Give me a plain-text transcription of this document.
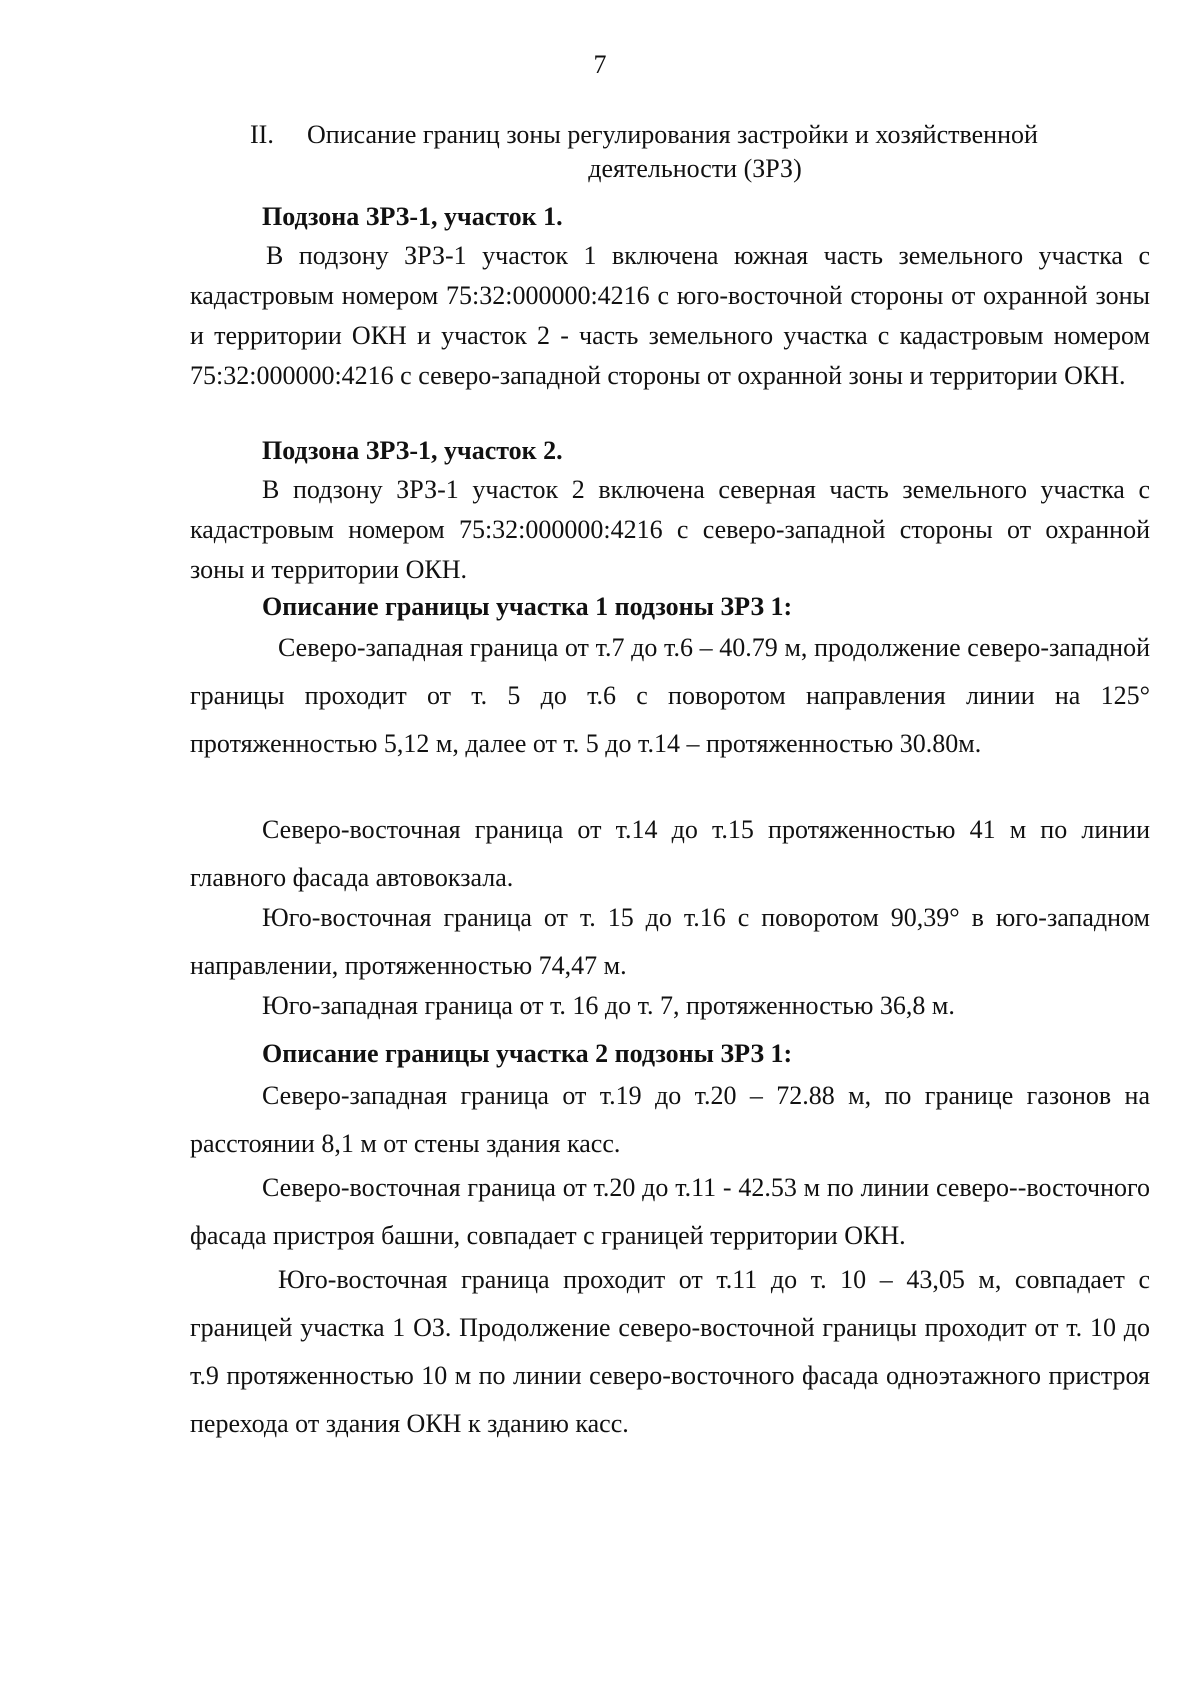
7
II. Описание границ зоны регулирования застройки и хозяйственной
деятельности (ЗРЗ)
Подзона ЗРЗ-1, участок 1.
В подзону ЗРЗ-1 участок 1 включена южная часть земельного участка с кадастровым номером 75:32:000000:4216 с юго-восточной стороны от охранной зоны и территории ОКН и участок 2 - часть земельного участка с кадастровым номером 75:32:000000:4216 с северо-западной стороны от охранной зоны и территории ОКН.
Подзона ЗРЗ-1, участок 2.
В подзону ЗРЗ-1 участок 2 включена северная часть земельного участка с кадастровым номером 75:32:000000:4216 с северо-западной стороны от охранной зоны и территории ОКН.
Описание границы участка 1 подзоны ЗРЗ 1:
Северо-западная граница от т.7 до т.6 – 40.79 м, продолжение северо-западной границы проходит от т. 5 до т.6 с поворотом направления линии на 125° протяженностью 5,12 м, далее от т. 5 до т.14 – протяженностью 30.80м.
Северо-восточная граница от т.14 до т.15 протяженностью 41 м по линии главного фасада автовокзала.
Юго-восточная граница от т. 15 до т.16 с поворотом 90,39° в юго-западном направлении, протяженностью 74,47 м.
Юго-западная граница от т. 16 до т. 7, протяженностью 36,8 м.
Описание границы участка 2 подзоны ЗРЗ 1:
Северо-западная граница от т.19 до т.20 – 72.88 м, по границе газонов на расстоянии 8,1 м от стены здания касс.
Северо-восточная граница от т.20 до т.11 - 42.53 м по линии северо--восточного фасада пристроя башни, совпадает с границей территории ОКН.
Юго-восточная граница проходит от т.11 до т. 10 – 43,05 м, совпадает с границей участка 1 ОЗ. Продолжение северо-восточной границы проходит от т. 10 до т.9 протяженностью 10 м по линии северо-восточного фасада одноэтажного пристроя перехода от здания ОКН к зданию касс.
